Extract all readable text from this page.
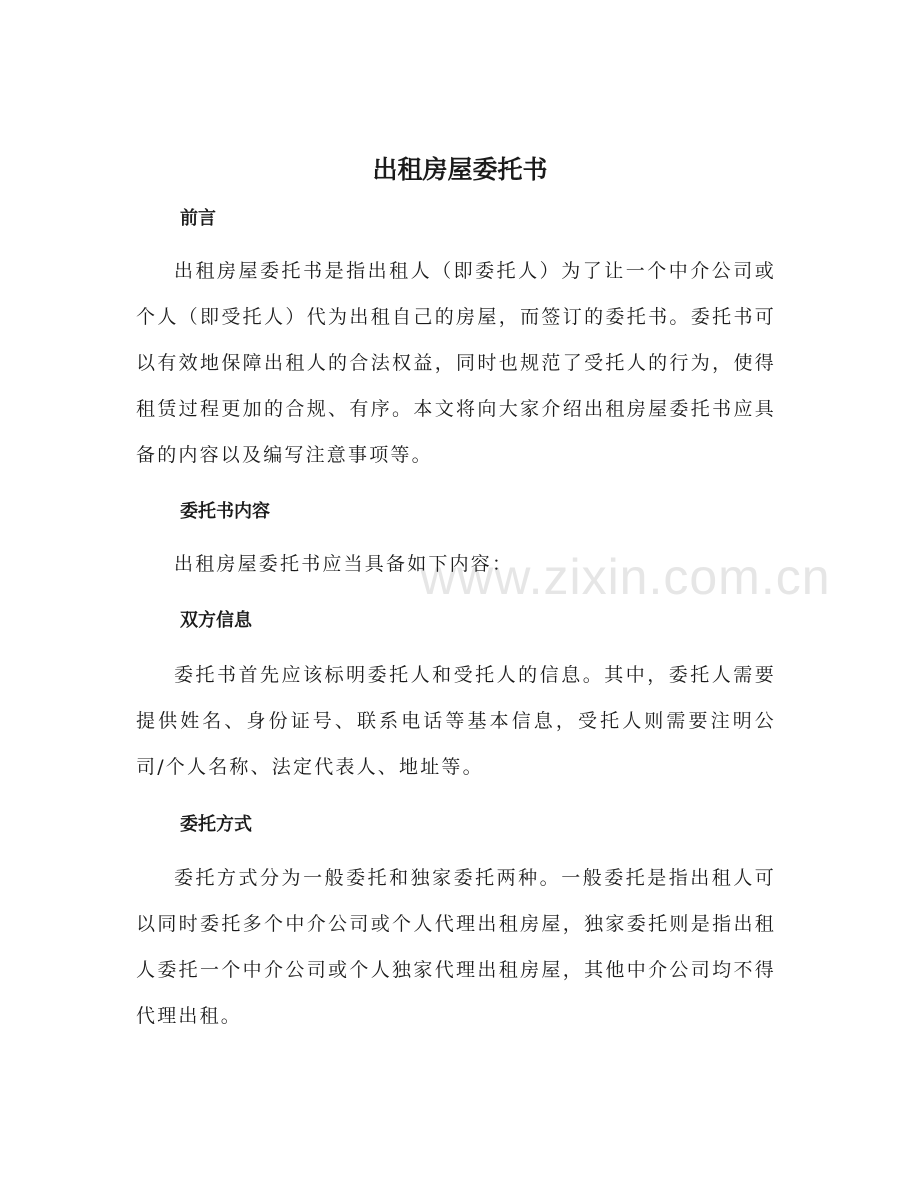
www.zixin.com.cn
出租房屋委托书
前言

出租房屋委托书是指出租人（即委托人）为了让一个中介公司或个人（即受托人）代为出租自己的房屋，而签订的委托书。委托书可以有效地保障出租人的合法权益，同时也规范了受托人的行为，使得租赁过程更加的合规、有序。本文将向大家介绍出租房屋委托书应具备的内容以及编写注意事项等。

委托书内容

出租房屋委托书应当具备如下内容：

双方信息

委托书首先应该标明委托人和受托人的信息。其中，委托人需要提供姓名、身份证号、联系电话等基本信息，受托人则需要注明公司/个人名称、法定代表人、地址等。

委托方式

委托方式分为一般委托和独家委托两种。一般委托是指出租人可以同时委托多个中介公司或个人代理出租房屋，独家委托则是指出租人委托一个中介公司或个人独家代理出租房屋，其他中介公司均不得代理出租。
